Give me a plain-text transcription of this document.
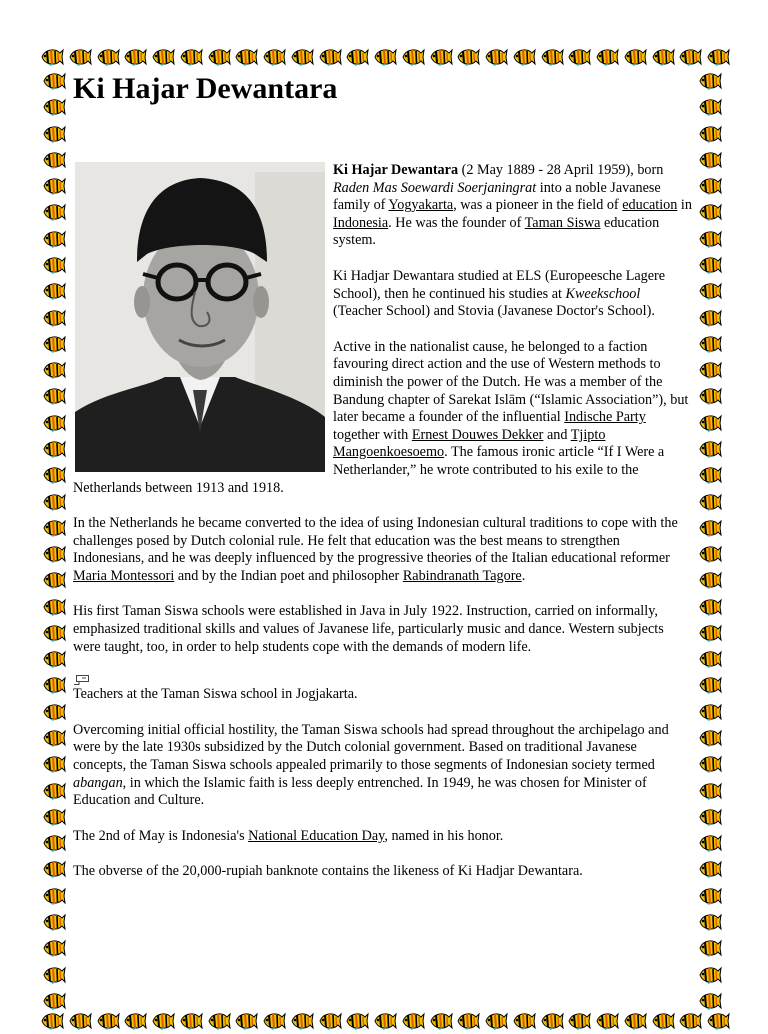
Ki Hajar Dewantara

Ki Hajar Dewantara (2 May 1889 - 28 April 1959), born Raden Mas Soewardi Soerjaningrat into a noble Javanese family of Yogyakarta, was a pioneer in the field of education in Indonesia. He was the founder of Taman Siswa education system.

Ki Hadjar Dewantara studied at ELS (Europeesche Lagere School), then he continued his studies at Kweekschool (Teacher School) and Stovia (Javanese Doctor's School).

Active in the nationalist cause, he belonged to a faction favouring direct action and the use of Western methods to diminish the power of the Dutch. He was a member of the Bandung chapter of Sarekat Islām (“Islamic Association”), but later became a founder of the influential Indische Party together with Ernest Douwes Dekker and Tjipto Mangoenkoesoemo. The famous ironic article “If I Were a Netherlander,” he wrote contributed to his exile to the Netherlands between 1913 and 1918.

In the Netherlands he became converted to the idea of using Indonesian cultural traditions to cope with the challenges posed by Dutch colonial rule. He felt that education was the best means to strengthen Indonesians, and he was deeply influenced by the progressive theories of the Italian educational reformer Maria Montessori and by the Indian poet and philosopher Rabindranath Tagore.

His first Taman Siswa schools were established in Java in July 1922. Instruction, carried on informally, emphasized traditional skills and values of Javanese life, particularly music and dance. Western subjects were taught, too, in order to help students cope with the demands of modern life.

Teachers at the Taman Siswa school in Jogjakarta.

Overcoming initial official hostility, the Taman Siswa schools had spread throughout the archipelago and were by the late 1930s subsidized by the Dutch colonial government. Based on traditional Javanese concepts, the Taman Siswa schools appealed primarily to those segments of Indonesian society termed abangan, in which the Islamic faith is less deeply entrenched. In 1949, he was chosen for Minister of Education and Culture.

The 2nd of May is Indonesia's National Education Day, named in his honor.

The obverse of the 20,000-rupiah banknote contains the likeness of Ki Hadjar Dewantara.
